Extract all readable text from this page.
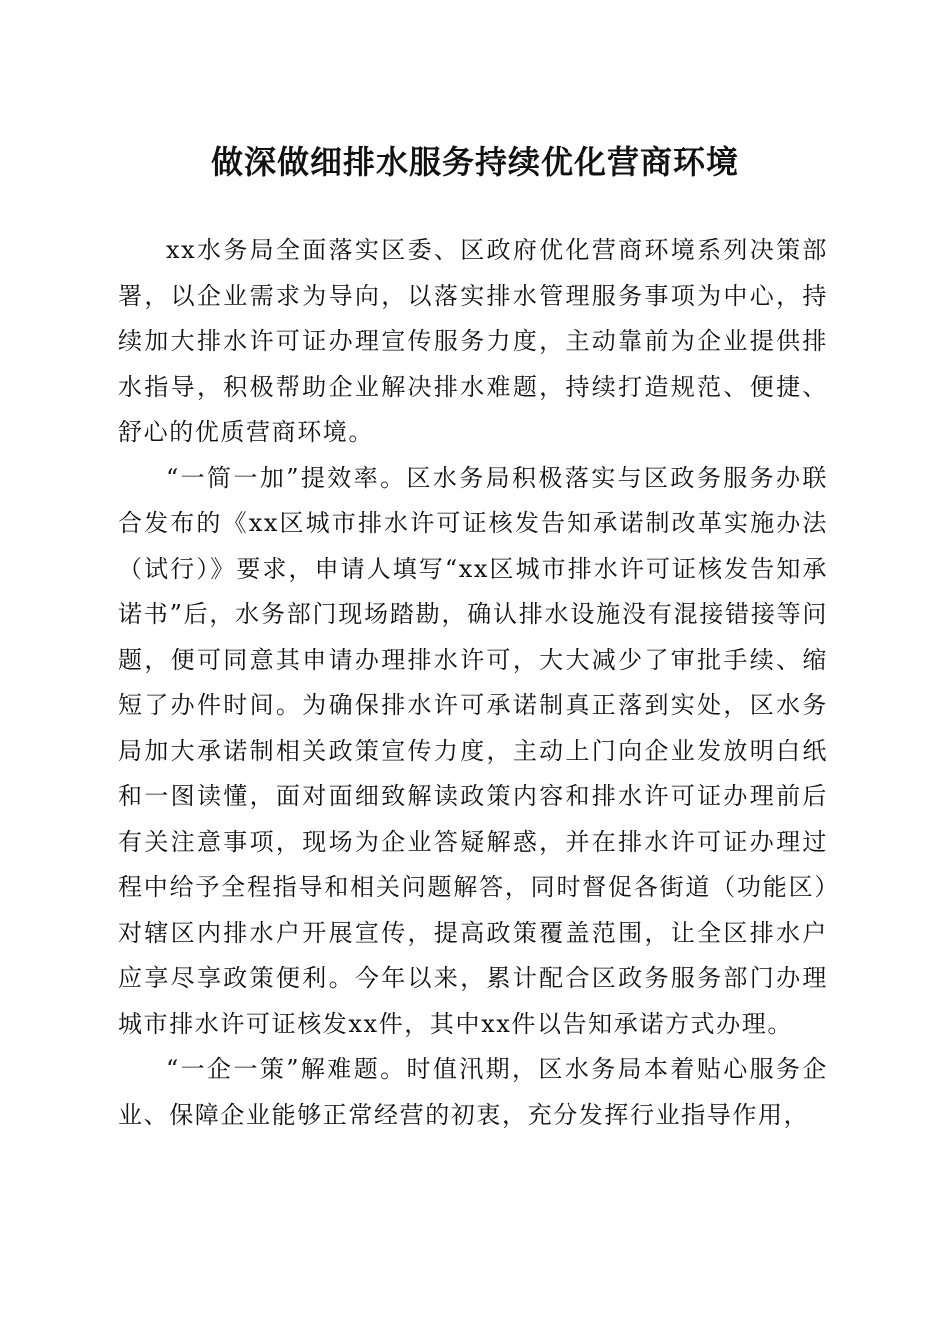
做深做细排水服务持续优化营商环境

xx水务局全面落实区委、区政府优化营商环境系列决策部署，以企业需求为导向，以落实排水管理服务事项为中心，持续加大排水许可证办理宣传服务力度，主动靠前为企业提供排水指导，积极帮助企业解决排水难题，持续打造规范、便捷、舒心的优质营商环境。

“一简一加”提效率。区水务局积极落实与区政务服务办联合发布的《xx区城市排水许可证核发告知承诺制改革实施办法（试行）》要求，申请人填写“xx区城市排水许可证核发告知承诺书”后，水务部门现场踏勘，确认排水设施没有混接错接等问题，便可同意其申请办理排水许可，大大减少了审批手续、缩短了办件时间。为确保排水许可承诺制真正落到实处，区水务局加大承诺制相关政策宣传力度，主动上门向企业发放明白纸和一图读懂，面对面细致解读政策内容和排水许可证办理前后有关注意事项，现场为企业答疑解惑，并在排水许可证办理过程中给予全程指导和相关问题解答，同时督促各街道（功能区）对辖区内排水户开展宣传，提高政策覆盖范围，让全区排水户应享尽享政策便利。今年以来，累计配合区政务服务部门办理城市排水许可证核发xx件，其中xx件以告知承诺方式办理。

“一企一策”解难题。时值汛期，区水务局本着贴心服务企业、保障企业能够正常经营的初衷，充分发挥行业指导作用，
